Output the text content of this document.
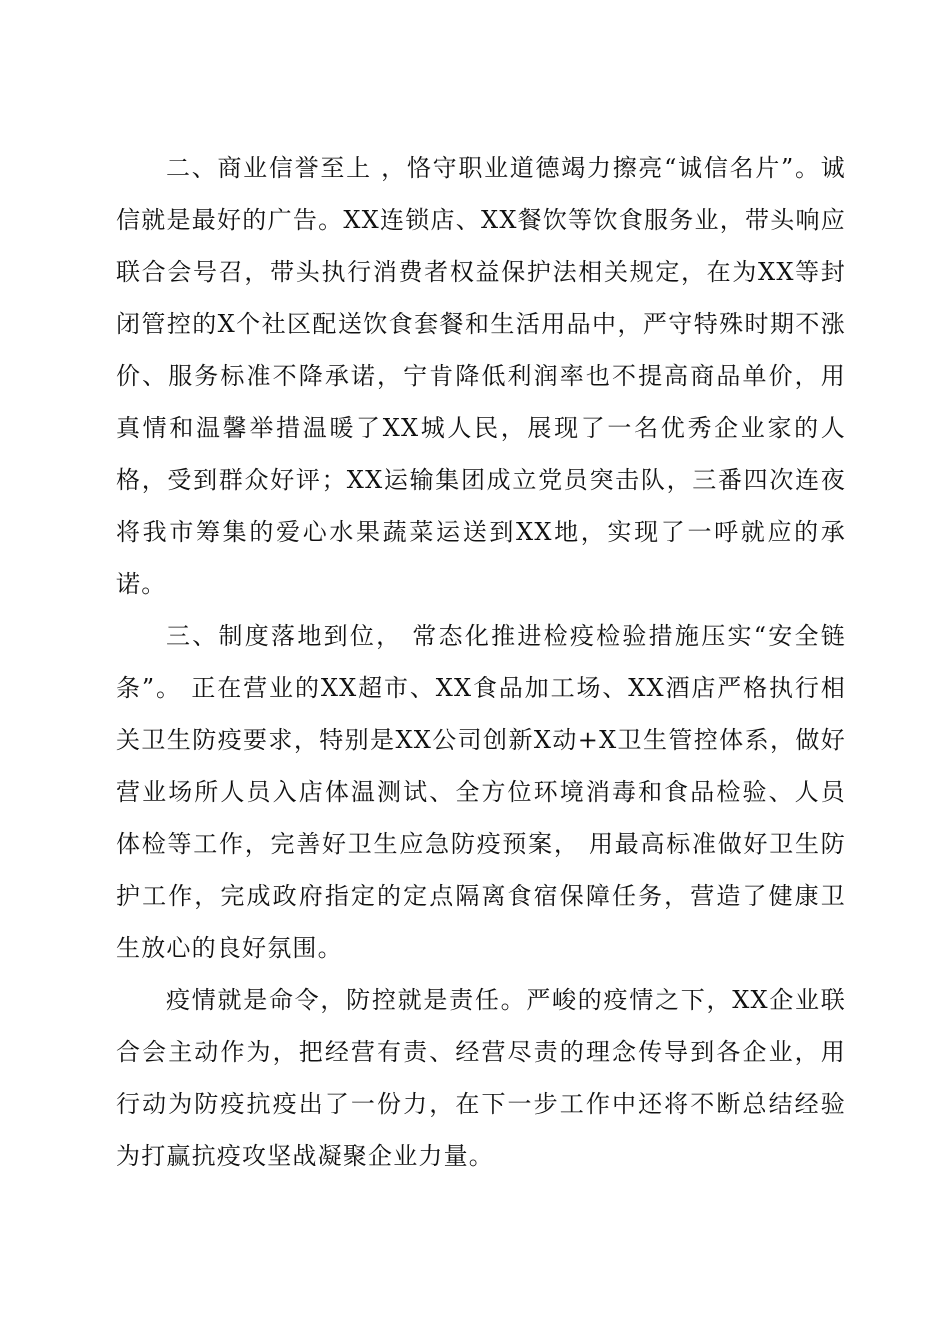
二、商业信誉至上 ，恪守职业道德竭力擦亮“诚信名片”。诚信就是最好的广告。XX连锁店、XX餐饮等饮食服务业，带头响应联合会号召，带头执行消费者权益保护法相关规定，在为XX等封闭管控的X个社区配送饮食套餐和生活用品中，严守特殊时期不涨价、服务标准不降承诺，宁肯降低利润率也不提高商品单价，用真情和温馨举措温暖了XX城人民，展现了一名优秀企业家的人格，受到群众好评；XX运输集团成立党员突击队，三番四次连夜将我市筹集的爱心水果蔬菜运送到XX地，实现了一呼就应的承诺。

三、制度落地到位， 常态化推进检疫检验措施压实“安全链条”。 正在营业的XX超市、XX食品加工场、XX酒店严格执行相关卫生防疫要求，特别是XX公司创新X动+X卫生管控体系，做好营业场所人员入店体温测试、全方位环境消毒和食品检验、人员体检等工作，完善好卫生应急防疫预案， 用最高标准做好卫生防护工作，完成政府指定的定点隔离食宿保障任务，营造了健康卫生放心的良好氛围。

疫情就是命令，防控就是责任。严峻的疫情之下，XX企业联合会主动作为，把经营有责、经营尽责的理念传导到各企业，用行动为防疫抗疫出了一份力，在下一步工作中还将不断总结经验为打赢抗疫攻坚战凝聚企业力量。
